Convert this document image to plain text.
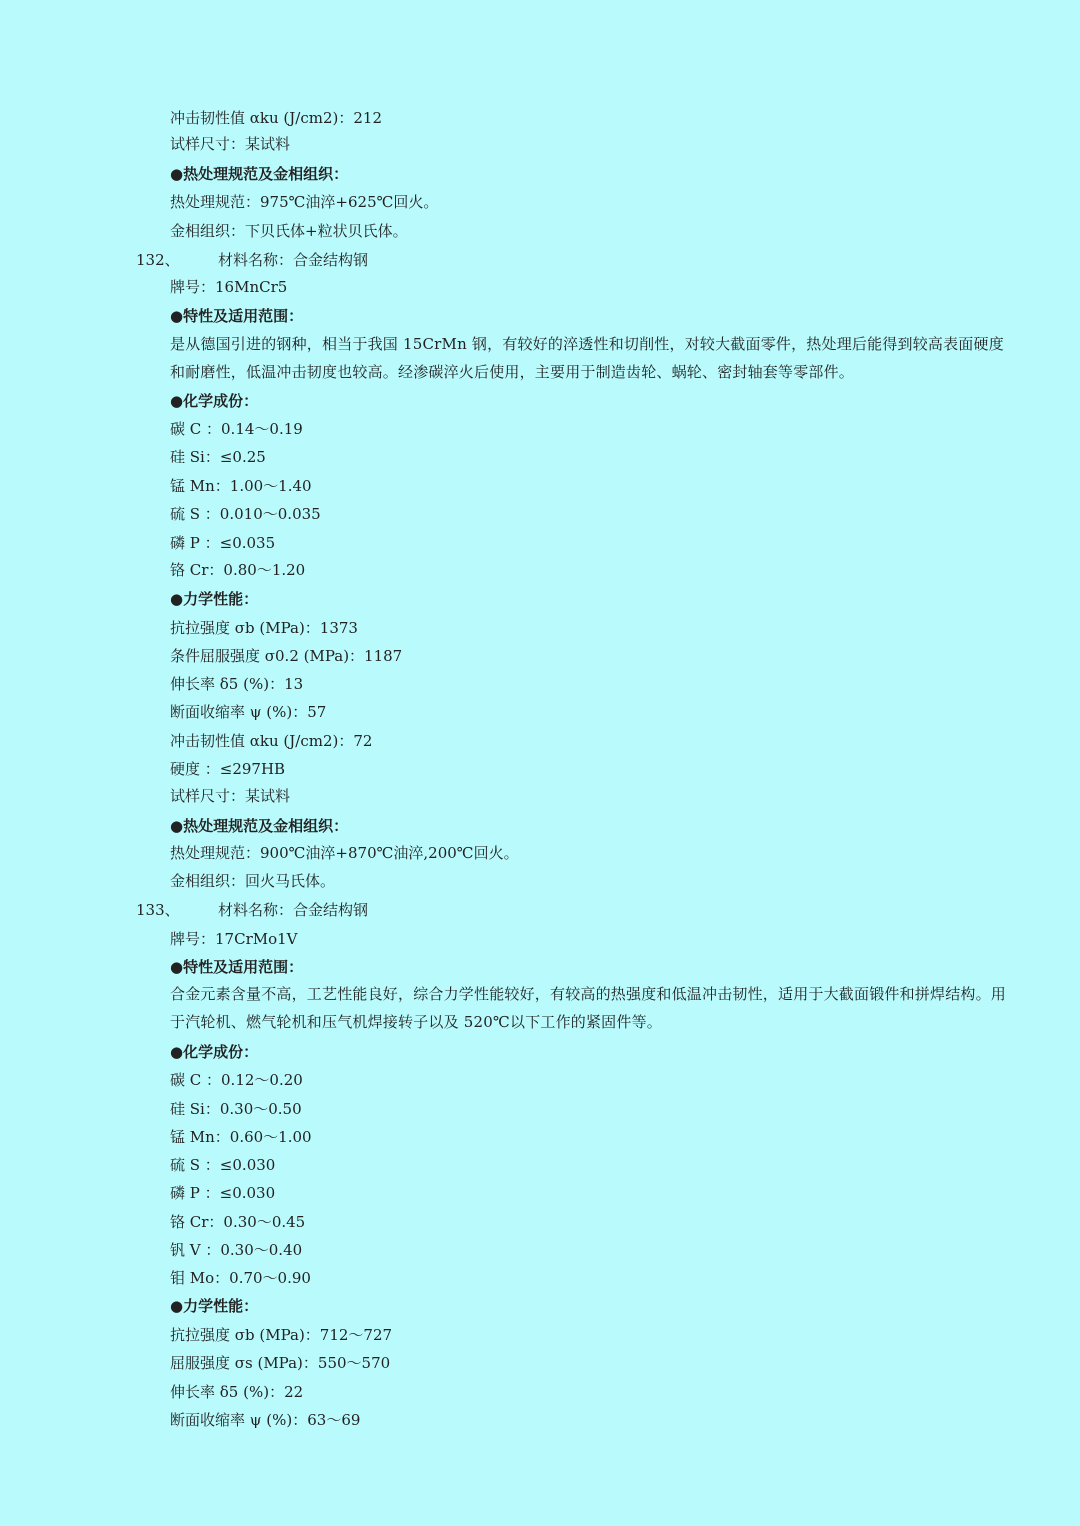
冲击韧性值 αku (J/cm2)：212
试样尺寸：某试料
●热处理规范及金相组织：
热处理规范：975℃油淬+625℃回火。
金相组织：下贝氏体+粒状贝氏体。
132、	材料名称：合金结构钢
牌号：16MnCr5
●特性及适用范围：
是从德国引进的钢种，相当于我国 15CrMn 钢，有较好的淬透性和切削性，对较大截面零件，热处理后能得到较高表面硬度和耐磨性，低温冲击韧度也较高。经渗碳淬火后使用，主要用于制造齿轮、蜗轮、密封轴套等零部件。
●化学成份：
碳 C ：0.14～0.19
硅 Si：≤0.25
锰 Mn：1.00～1.40
硫 S ：0.010～0.035
磷 P ：≤0.035
铬 Cr：0.80～1.20
●力学性能：
抗拉强度 σb (MPa)：1373
条件屈服强度 σ0.2 (MPa)：1187
伸长率 δ5 (%)：13
断面收缩率 ψ (%)：57
冲击韧性值 αku (J/cm2)：72
硬度 ：≤297HB
试样尺寸：某试料
●热处理规范及金相组织：
热处理规范：900℃油淬+870℃油淬,200℃回火。
金相组织：回火马氏体。
133、	材料名称：合金结构钢
牌号：17CrMo1V
●特性及适用范围：
合金元素含量不高，工艺性能良好，综合力学性能较好，有较高的热强度和低温冲击韧性，适用于大截面锻件和拼焊结构。用于汽轮机、燃气轮机和压气机焊接转子以及 520℃以下工作的紧固件等。
●化学成份：
碳 C ：0.12～0.20
硅 Si：0.30～0.50
锰 Mn：0.60～1.00
硫 S ：≤0.030
磷 P ：≤0.030
铬 Cr：0.30～0.45
钒 V ：0.30～0.40
钼 Mo：0.70～0.90
●力学性能：
抗拉强度 σb (MPa)：712～727
屈服强度 σs (MPa)：550～570
伸长率 δ5 (%)：22
断面收缩率 ψ (%)：63～69
